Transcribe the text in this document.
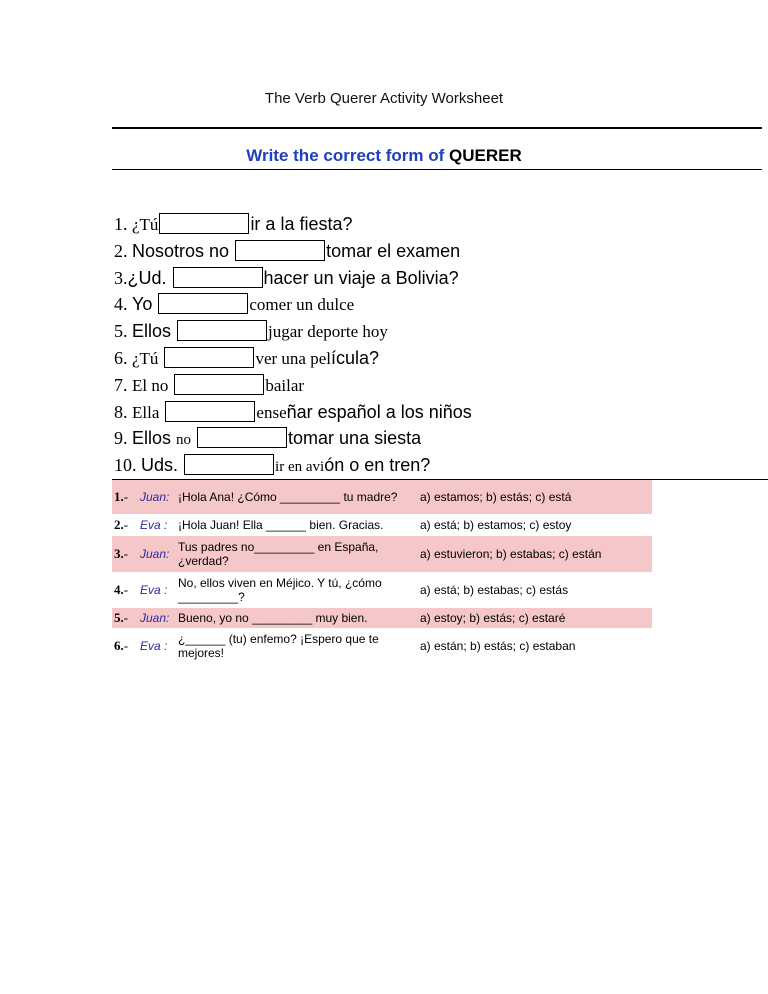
The Verb Querer Activity Worksheet
Write the correct form of QUERER
1. ¿Tú	ir a la fiesta?
2. Nosotros no	tomar el examen
3.¿Ud.	hacer un viaje a Bolivia?
4. Yo	comer un dulce
5. Ellos	jugar deporte hoy
6. ¿Tú	ver una película?
7. El no	bailar
8. Ella	enseñar español a los niños
9. Ellos no	tomar una siesta
10. Uds.	ir en avión o en tren?
1.-	Juan:	¡Hola Ana! ¿Cómo _________ tu madre?	a) estamos; b) estás; c) está
2.-	Eva :	¡Hola Juan! Ella ______ bien. Gracias.	a) está; b) estamos; c) estoy
3.-	Juan:	Tus padres no_________ en España, ¿verdad?	a) estuvieron; b) estabas; c) están
4.-	Eva :	No, ellos viven en Méjico. Y tú, ¿cómo _________?	a) está; b) estabas; c) estás
5.-	Juan:	Bueno, yo no _________ muy bien.	a) estoy; b) estás; c) estaré
6.-	Eva :	¿______ (tu) enfemo? ¡Espero que te mejores!	a) están; b) estás; c) estaban
